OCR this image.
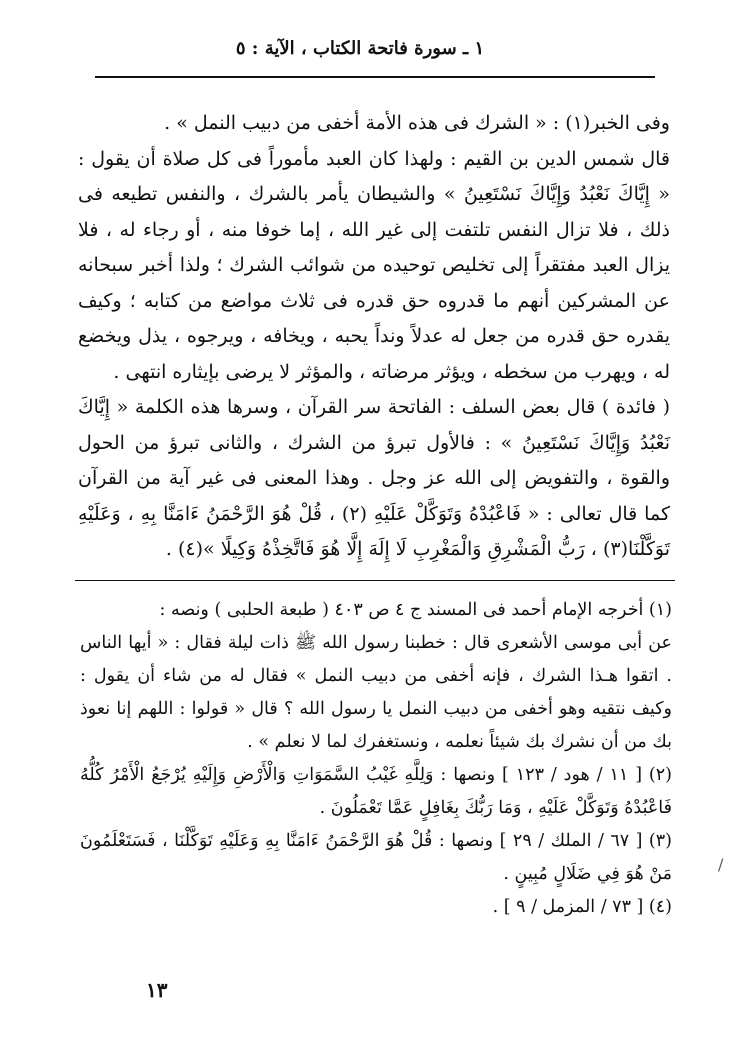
١ ـ سورة فاتحة الكتاب ، الآية : ٥

وفى الخبر(١) : « الشرك فى هذه الأمة أخفى من دبيب النمل » .

قال شمس الدين بن القيم : ولهذا كان العبد مأموراً فى كل صلاة أن يقول : « إِيَّاكَ نَعْبُدُ وَإِيَّاكَ نَسْتَعِينُ » والشيطان يأمر بالشرك ، والنفس تطيعه فى ذلك ، فلا تزال النفس تلتفت إلى غير الله ، إما خوفا منه ، أو رجاء له ، فلا يزال العبد مفتقراً إلى تخليص توحيده من شوائب الشرك ؛ ولذا أخبر سبحانه عن المشركين أنهم ما قدروه حق قدره فى ثلاث مواضع من كتابه ؛ وكيف يقدره حق قدره من جعل له عدلاً ونداً يحبه ، ويخافه ، ويرجوه ، يذل ويخضع له ، ويهرب من سخطه ، ويؤثر مرضاته ، والمؤثر لا يرضى بإيثاره انتهى .

( فائدة ) قال بعض السلف : الفاتحة سر القرآن ، وسرها هذه الكلمة « إِيَّاكَ نَعْبُدُ وَإِيَّاكَ نَسْتَعِينُ » : فالأول تبرؤ من الشرك ، والثانى تبرؤ من الحول والقوة ، والتفويض إلى الله عز وجل . وهذا المعنى فى غير آية من القرآن كما قال تعالى : « فَاعْبُدْهُ وَتَوَكَّلْ عَلَيْهِ (٢) ، قُلْ هُوَ الرَّحْمَنُ ءَامَنَّا بِهِ ، وَعَلَيْهِ تَوَكَّلْنَا(٣) ، رَبُّ الْمَشْرِقِ وَالْمَغْرِبِ لَا إِلَهَ إِلَّا هُوَ فَاتَّخِذْهُ وَكِيلًا »(٤) .

(١) أخرجه الإمام أحمد فى المسند ج ٤ ص ٤٠٣ ( طبعة الحلبى ) ونصه :

عن أبى موسى الأشعرى قال : خطبنا رسول الله ﷺ ذات ليلة فقال : « أيها الناس . اتقوا هـذا الشرك ، فإنه أخفى من دبيب النمل » فقال له من شاء أن يقول : وكيف نتقيه وهو أخفى من دبيب النمل يا رسول الله ؟ قال « قولوا : اللهم إنا نعوذ بك من أن نشرك بك شيئاً نعلمه ، ونستغفرك لما لا نعلم » .

(٢) [ ١١ / هود / ١٢٣ ] ونصها : وَلِلَّهِ غَيْبُ السَّمَوَاتِ وَالْأَرْضِ وَإِلَيْهِ يُرْجَعُ الْأَمْرُ كُلُّهُ فَاعْبُدْهُ وَتَوَكَّلْ عَلَيْهِ ، وَمَا رَبُّكَ بِغَافِلٍ عَمَّا تَعْمَلُونَ .

(٣) [ ٦٧ / الملك / ٢٩ ] ونصها : قُلْ هُوَ الرَّحْمَنُ ءَامَنَّا بِهِ وَعَلَيْهِ تَوَكَّلْنَا ، فَسَتَعْلَمُونَ مَنْ هُوَ فِي ضَلَالٍ مُبِينٍ .

(٤) [ ٧٣ / المزمل / ٩ ] .

١٣
/
